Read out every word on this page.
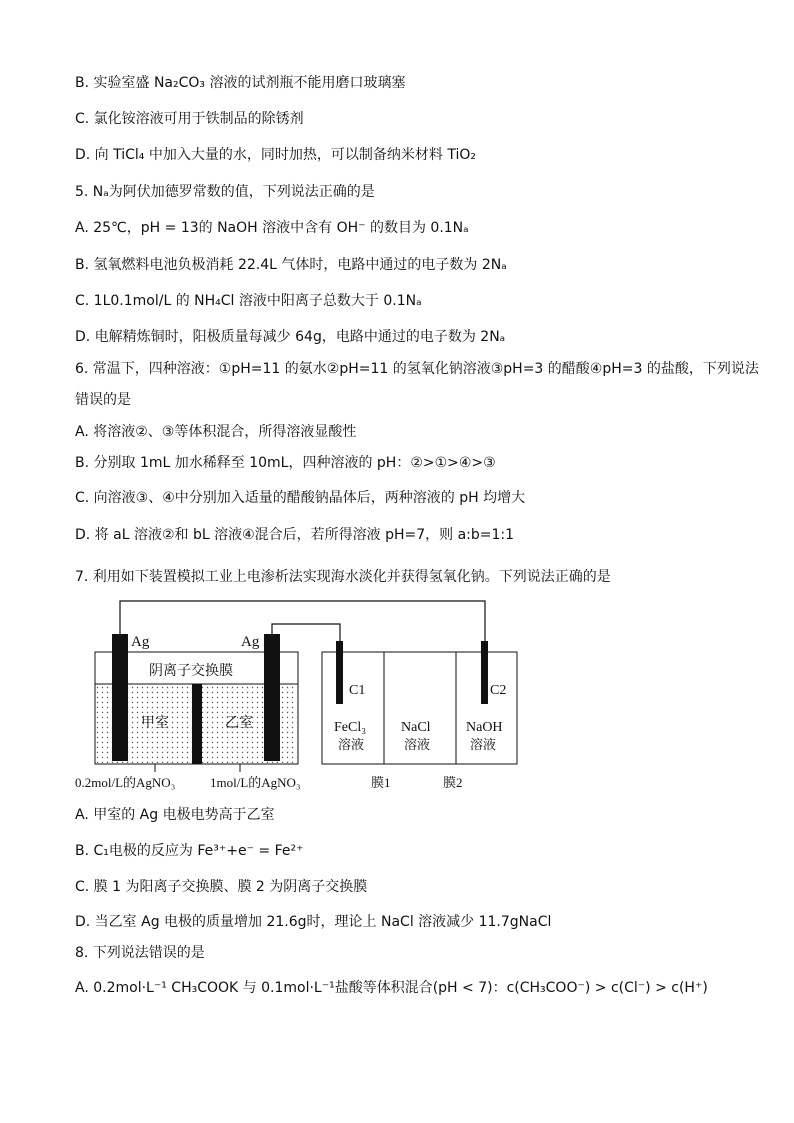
B. 实验室盛 Na₂CO₃ 溶液的试剂瓶不能用磨口玻璃塞
C. 氯化铵溶液可用于铁制品的除锈剂
D. 向 TiCl₄ 中加入大量的水，同时加热，可以制备纳米材料 TiO₂
5. Nₐ为阿伏加德罗常数的值，下列说法正确的是
A. 25℃，pH = 13的 NaOH 溶液中含有 OH⁻ 的数目为 0.1Nₐ
B. 氢氧燃料电池负极消耗 22.4L 气体时，电路中通过的电子数为 2Nₐ
C. 1L0.1mol/L 的 NH₄Cl 溶液中阳离子总数大于 0.1Nₐ
D. 电解精炼铜时，阳极质量每减少 64g，电路中通过的电子数为 2Nₐ
6. 常温下，四种溶液：①pH=11 的氨水②pH=11 的氢氧化钠溶液③pH=3 的醋酸④pH=3 的盐酸，下列说法
错误的是
A. 将溶液②、③等体积混合，所得溶液显酸性
B. 分别取 1mL 加水稀释至 10mL，四种溶液的 pH：②>①>④>③
C. 向溶液③、④中分别加入适量的醋酸钠晶体后，两种溶液的 pH 均增大
D. 将 aL 溶液②和 bL 溶液④混合后，若所得溶液 pH=7，则 a:b=1:1
7. 利用如下装置模拟工业上电渗析法实现海水淡化并获得氢氧化钠。下列说法正确的是
Ag	Ag
阴离子交换膜
甲室	乙室
0.2mol/L的AgNO₃	1mol/L的AgNO₃
C1	C2
FeCl₃
溶液
NaCl
溶液
NaOH
溶液
膜1	膜2
A. 甲室的 Ag 电极电势高于乙室
B. C₁电极的反应为 Fe³⁺+e⁻ = Fe²⁺
C. 膜 1 为阳离子交换膜、膜 2 为阴离子交换膜
D. 当乙室 Ag 电极的质量增加 21.6g时，理论上 NaCl 溶液减少 11.7gNaCl
8. 下列说法错误的是
A. 0.2mol·L⁻¹ CH₃COOK 与 0.1mol·L⁻¹盐酸等体积混合(pH < 7)：c(CH₃COO⁻) > c(Cl⁻) > c(H⁺)
